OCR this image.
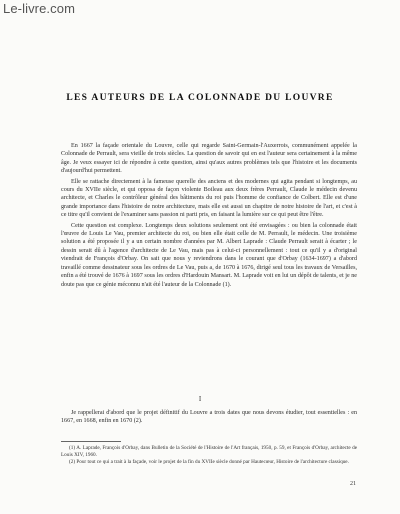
Le-livre.com
LES AUTEURS DE LA COLONNADE DU LOUVRE

En 1667 la façade orientale du Louvre, celle qui regarde Saint-Germain-l'Auxerrois, communément appelée la Colonnade de Perrault, sera vieille de trois siècles. La question de savoir qui en est l'auteur sera certainement à la même âge. Je veux essayer ici de répondre à cette question, ainsi qu'aux autres problèmes tels que l'histoire et les documents d'aujourd'hui permettent.

Elle se rattache directement à la fameuse querelle des anciens et des modernes qui agita pendant si longtemps, au cours du XVIIe siècle, et qui opposa de façon violente Boileau aux deux frères Perrault, Claude le médecin devenu architecte, et Charles le contrôleur général des bâtiments du roi puis l'homme de confiance de Colbert. Elle est d'une grande importance dans l'histoire de notre architecture, mais elle est aussi un chapitre de notre histoire de l'art, et c'est à ce titre qu'il convient de l'examiner sans passion ni parti pris, en faisant la lumière sur ce qui peut être l'être.

Cette question est complexe. Longtemps deux solutions seulement ont été envisagées : ou bien la colonnade était l'œuvre de Louis Le Vau, premier architecte du roi, ou bien elle était celle de M. Perrault, le médecin. Une troisième solution a été proposée il y a un certain nombre d'années par M. Albert Laprade : Claude Perrault serait à écarter ; le dessin serait dû à l'agence d'architecte de Le Vau, mais pas à celui-ci personnellement : tout ce qu'il y a d'original viendrait de François d'Orbay. On sait que nous y reviendrons dans le courant que d'Orbay (1634-1697) a d'abord travaillé comme dessinateur sous les ordres de Le Vau, puis a, de 1670 à 1676, dirigé seul tous les travaux de Versailles, enfin a été trouvé de 1676 à 1697 sous les ordres d'Hardouin Mansart. M. Laprade voit en lui un dépôt de talents, et je ne doute pas que ce génie méconnu n'ait été l'auteur de la Colonnade (1).

I

Je rappellerai d'abord que le projet définitif du Louvre a trois dates que nous devons étudier, tout essentielles : en 1667, en 1668, enfin en 1670 (2).

(1) A. Laprade, François d'Orbay, dans Bulletin de la Société de l'Histoire de l'Art français, 1950, p. 59, et François d'Orbay, architecte de Louis XIV, 1960.

(2) Pour tout ce qui a trait à la façade, voir le projet de la fin du XVIIe siècle donné par Hautecœur, Histoire de l'architecture classique.

21
